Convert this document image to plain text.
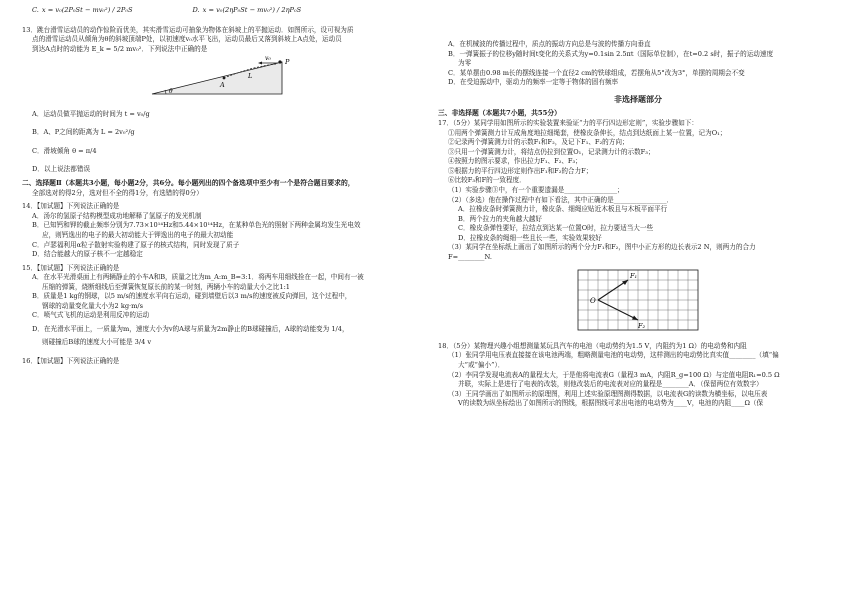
C. x = v₀(2P₀St − mv₀²) / 2P₀S	D. x = v₀(2ηP₀St − mv₀²) / 2ηP₀S
13．跳台滑雪运动员的动作惊险而优美，其实滑雪运动可抽象为物体在斜坡上的平抛运动．如图所示，设可视为质
点的滑雪运动员从倾角为θ的斜坡顶端P处，以初速度v₀水平飞出，运动员最后又落到斜坡上A点处，运动员
到达A点时的动能为 E_k = 5/2 mv₀²．下列说法中正确的是
v₀ P
L
A
θ
A．运动员做平抛运动的时间为 t = v₀/g
B．A、P之间的距离为 L = 2v₀²/g
C．滑坡倾角 θ = π/4
D．以上说法都错误
二、选择题Ⅱ（本题共3小题，每小题2分，共6分。每小题列出的四个备选项中至少有一个是符合题目要求的，
全部选对的得2分，选对但不全的得1分，有选错的得0分）
14．【加试题】下列说法正确的是
A．汤尔的氢原子结构模型成功地解释了氢原子的发光机制
B．已知钙和钾的截止频率分别为7.73×10¹⁴Hz和5.44×10¹⁴Hz，在某种单色光的照射下两种金属均发生光电效
应，则钙逸出的电子的最大初动能大于钾逸出的电子的最大初动能
C．卢瑟福利用α粒子散射实验构建了原子的核式结构，同时发现了质子
D．结合能越大的原子核不一定越稳定
15．【加试题】下列说法正确的是
A．在水平光滑桌面上有两辆静止的小车A和B，质量之比为m_A:m_B=3:1．将两车用细线拴在一起，中间有一被
压缩的弹簧，烧断细线后至弹簧恢复原长前的某一时刻，两辆小车的动量大小之比1:1
B．质量是1 kg的钢球，以5 m/s的速度水平向右运动，碰到墙壁后以3 m/s的速度被反向弹回，这个过程中，
钢球的动量变化量大小为2 kg·m/s
C．喷气式飞机的运动是利用反冲的运动
D．在光滑水平面上，一质量为m，速度大小为v的A球与质量为2m静止的B球碰撞后，A球的动能变为 1/4，
则碰撞后B球的速度大小可能是 3/4 v
16．【加试题】下列说法正确的是
A．在机械波的传播过程中，质点的振动方向总是与波的传播方向垂直
B．一弹簧振子的位移y随时间t变化的关系式为y=0.1sin 2.5πt（国际单位制），在t=0.2 s时，振子的运动速度
为零
C．某单摆由0.98 m长的摆线连接一个直径2 cm的铁球组成，若摆角从5°改为3°，单摆的周期会不变
D．在受迫振动中，驱动力的频率一定等于物体的固有频率
非选择题部分
三、非选择题（本题共7小题，共55分）
17．（5分）某同学用如图所示的实验装置来验证“力的平行四边形定则”，实验步骤如下：
①用两个弹簧测力计互成角度地拉细绳套，使橡皮条伸长，结点到达纸面上某一位置，记为O₁；
②记录两个弹簧测力计的示数F₁和F₂，及记下F₁、F₂的方向；
③只用一个弹簧测力计，将结点仍拉到位置O₁，记录测力计的示数F₃；
④按照力的图示要求，作出拉力F₁、F₂、F₃；
⑤根据力的平行四边形定则作出F₁和F₂的合力F；
⑥比较F₃和F的一致程度．
（1）实验步骤③中，有一个重要遗漏是________________；
（2）（多选）他在操作过程中有如下看法，其中正确的是________________．
A．拉橡皮条时弹簧测力计，橡皮条、细绳应贴近木板且与木板平面平行
B．两个拉力的夹角越大越好
C．橡皮条弹性要好，拉结点到达某一位置O时，拉力要适当大一些
D．拉橡皮条的绳细一些且长一些，实验效果较好
（3）某同学在坐标纸上画出了如图所示的两个分力F₁和F₂，图中小正方形的边长表示2 N，则两力的合力
F=________N.
O
F₁
F₂
18．（5分）某物理兴趣小组想测量某玩具汽车的电池（电动势约为1.5 V，内阻约为1 Ω）的电动势和内阻
（1）张同学用电压表直接接在该电池两端，粗略测量电池的电动势，这样测出的电动势比真实值________（填“偏
大”或“偏小”）．
（2）李同学发现电流表A的量程太大，于是他将电流表G（量程3 mA，内阻R_g=100 Ω）与定值电阻R₁=0.5 Ω
并联，实际上是进行了电表的改装，则他改装后的电流表对应的量程是________A．（保留两位有效数字）
（3）王同学画出了如图所示的原理图，利用上述实验原理图测得数据，以电流表G的读数为横坐标，以电压表
V的读数为纵坐标绘出了如图所示的图线，根据图线可求出电池的电动势为____V，电池的内阻____Ω（保
